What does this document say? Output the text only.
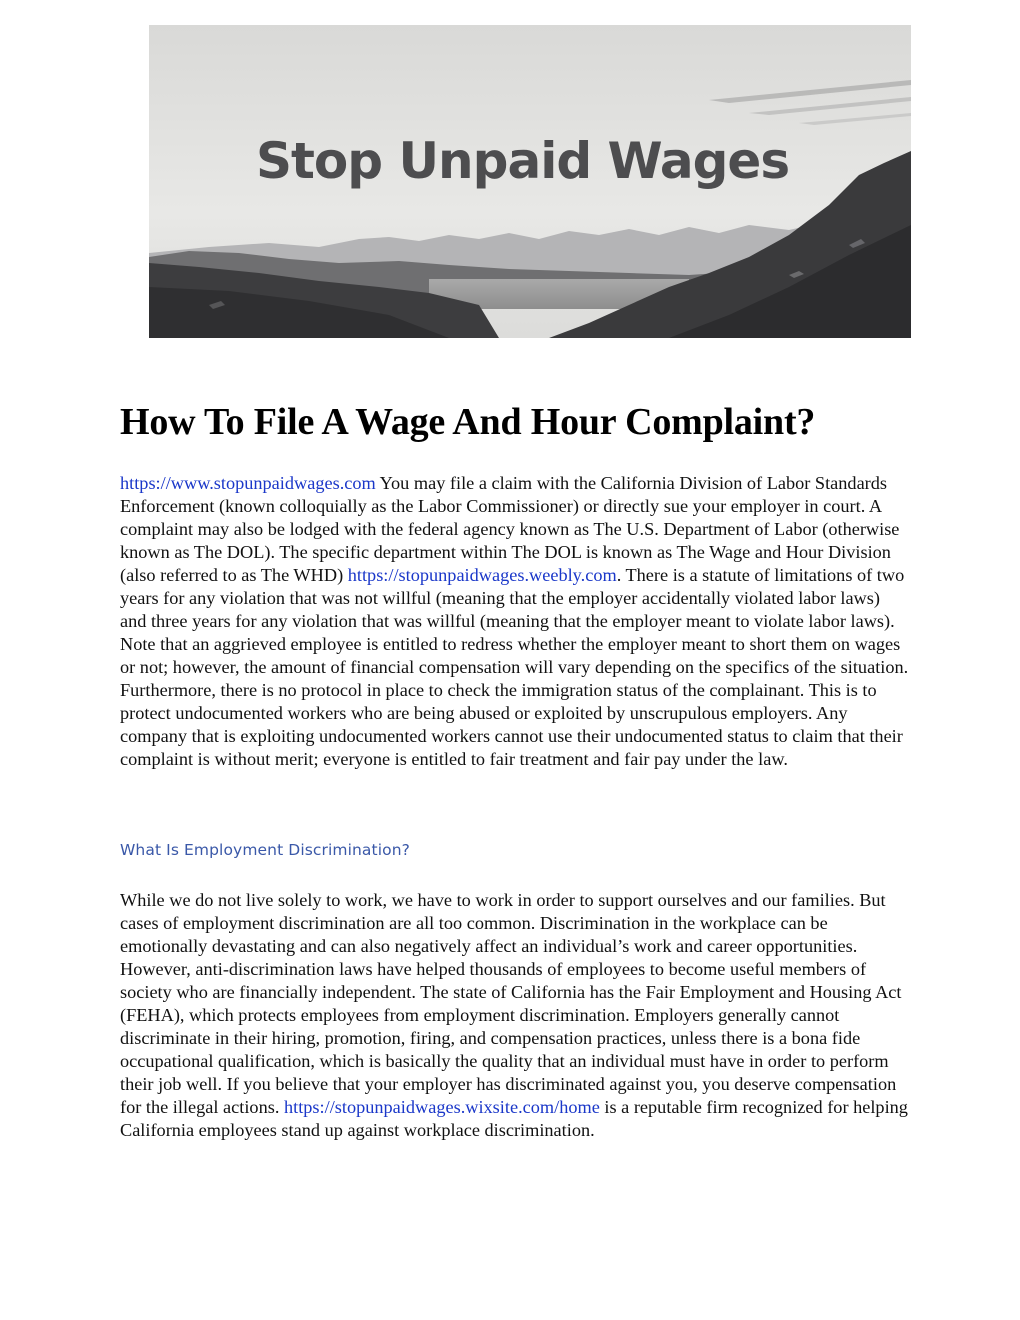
Stop Unpaid Wages
How To File A Wage And Hour Complaint?

https://www.stopunpaidwages.com You may file a claim with the California Division of Labor Standards Enforcement (known colloquially as the Labor Commissioner) or directly sue your employer in court. A complaint may also be lodged with the federal agency known as The U.S. Department of Labor (otherwise known as The DOL). The specific department within The DOL is known as The Wage and Hour Division (also referred to as The WHD) https://stopunpaidwages.weebly.com. There is a statute of limitations of two years for any violation that was not willful (meaning that the employer accidentally violated labor laws) and three years for any violation that was willful (meaning that the employer meant to violate labor laws). Note that an aggrieved employee is entitled to redress whether the employer meant to short them on wages or not; however, the amount of financial compensation will vary depending on the specifics of the situation. Furthermore, there is no protocol in place to check the immigration status of the complainant. This is to protect undocumented workers who are being abused or exploited by unscrupulous employers. Any company that is exploiting undocumented workers cannot use their undocumented status to claim that their complaint is without merit; everyone is entitled to fair treatment and fair pay under the law.

What Is Employment Discrimination?

While we do not live solely to work, we have to work in order to support ourselves and our families. But cases of employment discrimination are all too common. Discrimination in the workplace can be emotionally devastating and can also negatively affect an individual’s work and career opportunities. However, anti-discrimination laws have helped thousands of employees to become useful members of society who are financially independent. The state of California has the Fair Employment and Housing Act (FEHA), which protects employees from employment discrimination. Employers generally cannot discriminate in their hiring, promotion, firing, and compensation practices, unless there is a bona fide occupational qualification, which is basically the quality that an individual must have in order to perform their job well. If you believe that your employer has discriminated against you, you deserve compensation for the illegal actions. https://stopunpaidwages.wixsite.com/home is a reputable firm recognized for helping California employees stand up against workplace discrimination.
